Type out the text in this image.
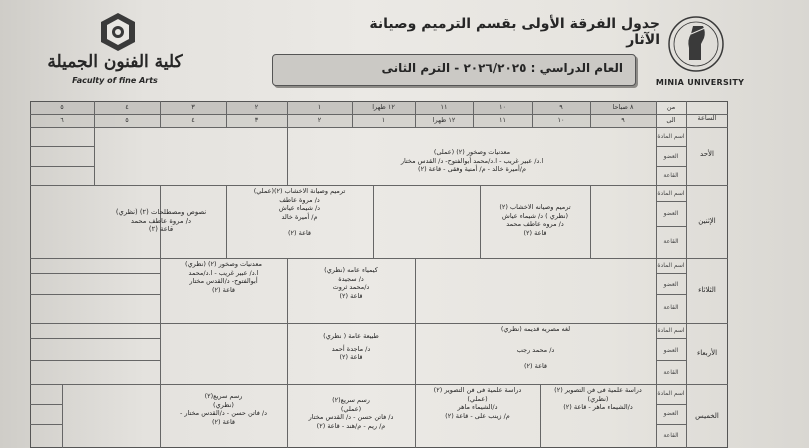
كلية الفنون الجميلة
Faculty of fine Arts	MINIA UNIVERSITY
جدول الفرقة الأولى بقسم الترميم وصيانة الآثار
العام الدراسي : ٢٠٢٦/٢٠٢٥ - الترم الثانى
الساعة
من
الى
٨ صباحا
٩
١٠
١١
١٢ ظهرا
١
٢
٣
٤
٥
٩
١٠
١١
١٢ ظهرا
١
٢
٣
٤
٥
٦
الأحد
الإثنين
الثلاثاء
الأربعاء
الخميس
اسم المادة
العضو
القاعة
اسم المادة
العضو
القاعة
اسم المادة
العضو
القاعة
اسم المادة
العضو
القاعة
اسم المادة
العضو
القاعة
معدنيات وصخور (٢) (عملى)
ا.د/ عبير غريب - ا.د/محمد أبوالفتوح- د/ القدس مختار
م/أميرة خالد - م/ أمنية وفقى - قاعة (٢)
ترميم وصيانه الاخشاب (٢)
(نظري ) د/ شيماء عياش
د/ مروه عاطف محمد
قاعة (٢)
ترميم وصيانة الاخشاب (٢)(عملي)
د/ مروة عاطف
د/ شيماء عياش
م/ أميرة خالد
قاعة (٢)
نصوص ومصطلحات (٢) (نظري)
د/ مروة عاطف محمد
قاعة (٢)
كيمياء عامه (نظري)
د/ سجيدة
د/محمد ثروت
قاعة (٢)
معدنيات وصخور (٢) (نظري)
ا.د/ عبير غريب - ا.د/محمد
أبوالفتوح- د/القدس مختار
قاعة (٢)
لغه مصريه قديمه (نظري)
د/ محمد رجب
قاعة (٢)
طبيعة عامة ( نظري)
د/ ماجدة أحمد
قاعة (٢)
دراسة علمية فى فن التصوير (٢)
(نظري)
د/الشيماء ماهر - قاعة (٢)
دراسة علمية فى فن التصوير (٢)
(عملي)
د/الشيماء ماهر
م/ زينب على - قاعة (٢)
رسم سريع(٢)
(عملي)
د/ فاتن حسن - د/ القدس مختار
م/ ريم - م/هند - قاعة (٢)
رسم سريع(٢)
(نظري)
د/ فاتن حسن - د/القدس مختار -
قاعة (٢)
